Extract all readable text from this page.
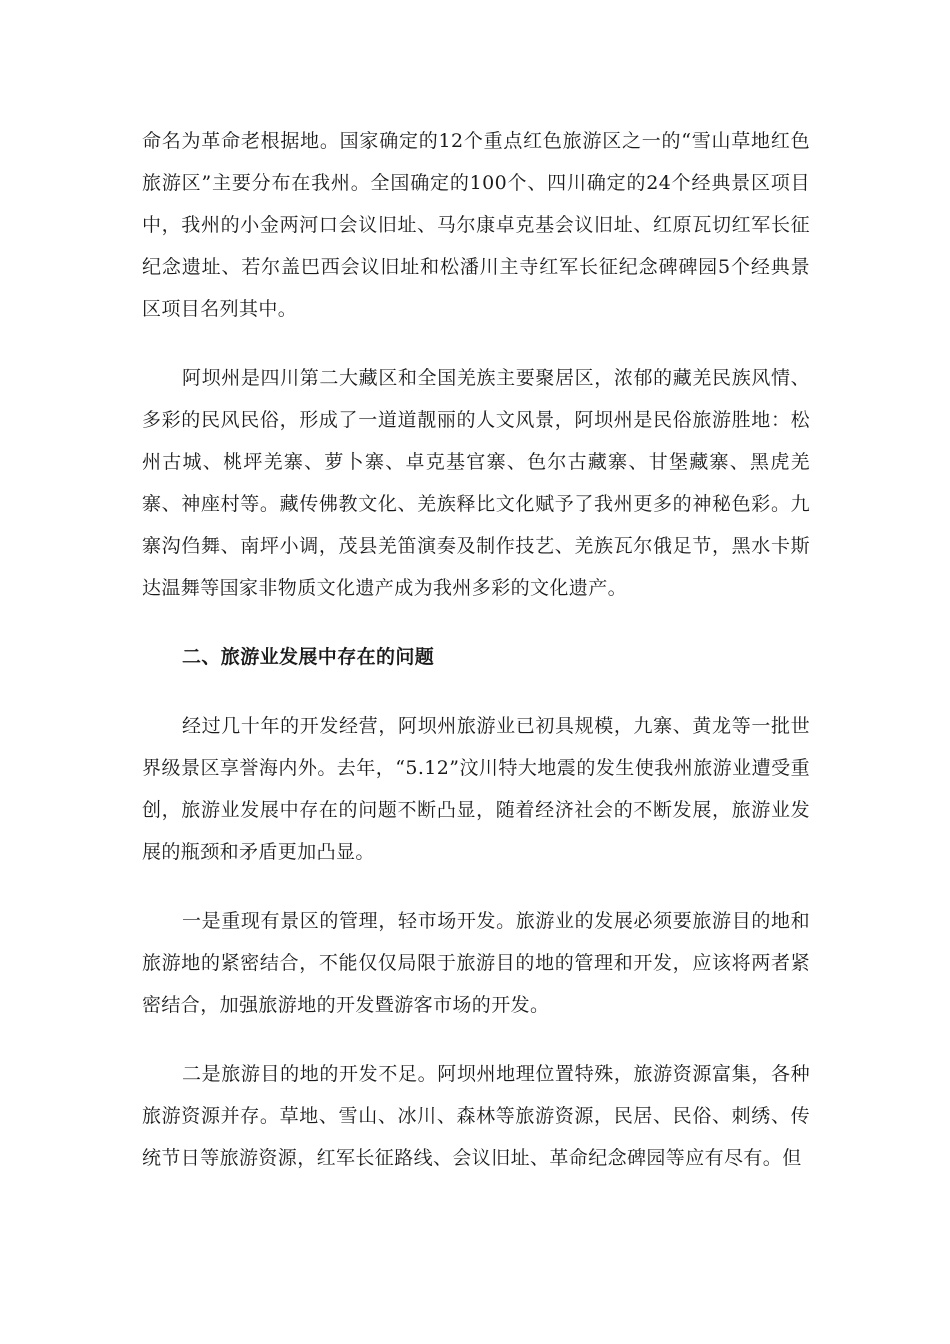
命名为革命老根据地。国家确定的12个重点红色旅游区之一的“雪山草地红色旅游区”主要分布在我州。全国确定的100个、四川确定的24个经典景区项目中，我州的小金两河口会议旧址、马尔康卓克基会议旧址、红原瓦切红军长征纪念遗址、若尔盖巴西会议旧址和松潘川主寺红军长征纪念碑碑园5个经典景区项目名列其中。

阿坝州是四川第二大藏区和全国羌族主要聚居区，浓郁的藏羌民族风情、多彩的民风民俗，形成了一道道靓丽的人文风景，阿坝州是民俗旅游胜地：松州古城、桃坪羌寨、萝卜寨、卓克基官寨、色尔古藏寨、甘堡藏寨、黑虎羌寨、神座村等。藏传佛教文化、羌族释比文化赋予了我州更多的神秘色彩。九寨沟㑇舞、南坪小调，茂县羌笛演奏及制作技艺、羌族瓦尔俄足节，黑水卡斯达温舞等国家非物质文化遗产成为我州多彩的文化遗产。

二、旅游业发展中存在的问题

经过几十年的开发经营，阿坝州旅游业已初具规模，九寨、黄龙等一批世界级景区享誉海内外。去年，“5.12”汶川特大地震的发生使我州旅游业遭受重创，旅游业发展中存在的问题不断凸显，随着经济社会的不断发展，旅游业发展的瓶颈和矛盾更加凸显。

一是重现有景区的管理，轻市场开发。旅游业的发展必须要旅游目的地和旅游地的紧密结合，不能仅仅局限于旅游目的地的管理和开发，应该将两者紧密结合，加强旅游地的开发暨游客市场的开发。

二是旅游目的地的开发不足。阿坝州地理位置特殊，旅游资源富集，各种旅游资源并存。草地、雪山、冰川、森林等旅游资源，民居、民俗、刺绣、传统节日等旅游资源，红军长征路线、会议旧址、革命纪念碑园等应有尽有。但
